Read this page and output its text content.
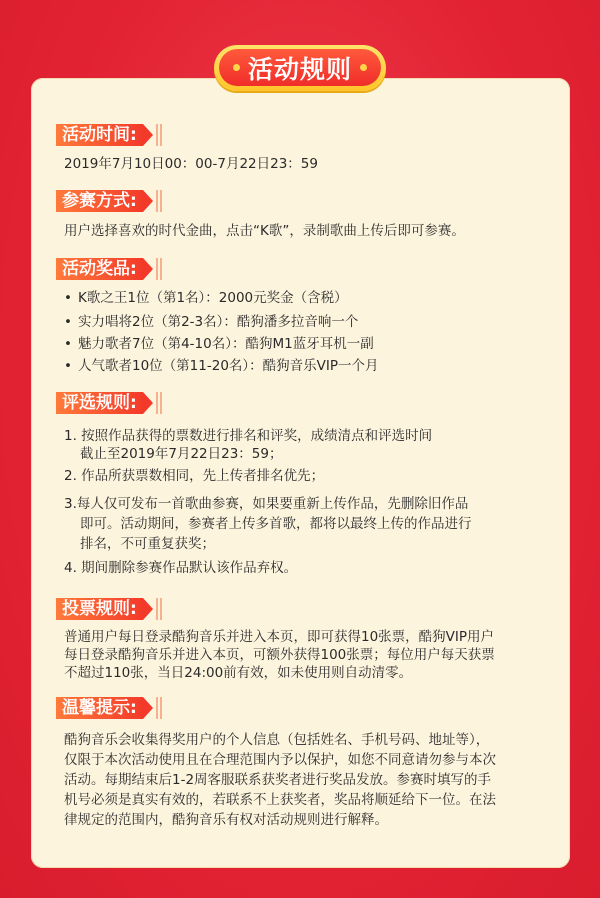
活动规则
活动时间:
2019年7月10日00：00-7月22日23：59
参赛方式:
用户选择喜欢的时代金曲，点击“K歌”，录制歌曲上传后即可参赛。
活动奖品:
• K歌之王1位（第1名）：2000元奖金（含税）
• 实力唱将2位（第2-3名）：酷狗潘多拉音响一个
• 魅力歌者7位（第4-10名）：酷狗M1蓝牙耳机一副
• 人气歌者10位（第11-20名）：酷狗音乐VIP一个月
评选规则:
1. 按照作品获得的票数进行排名和评奖，成绩清点和评选时间
截止至2019年7月22日23：59；
2. 作品所获票数相同，先上传者排名优先；
3.每人仅可发布一首歌曲参赛，如果要重新上传作品，先删除旧作品
即可。活动期间，参赛者上传多首歌，都将以最终上传的作品进行
排名，不可重复获奖；
4. 期间删除参赛作品默认该作品弃权。
投票规则:
普通用户每日登录酷狗音乐并进入本页，即可获得10张票，酷狗VIP用户
每日登录酷狗音乐并进入本页，可额外获得100张票；每位用户每天获票
不超过110张，当日24:00前有效，如未使用则自动清零。
温馨提示:
酷狗音乐会收集得奖用户的个人信息（包括姓名、手机号码、地址等），
仅限于本次活动使用且在合理范围内予以保护，如您不同意请勿参与本次
活动。每期结束后1-2周客服联系获奖者进行奖品发放。参赛时填写的手
机号必须是真实有效的，若联系不上获奖者，奖品将顺延给下一位。在法
律规定的范围内，酷狗音乐有权对活动规则进行解释。
